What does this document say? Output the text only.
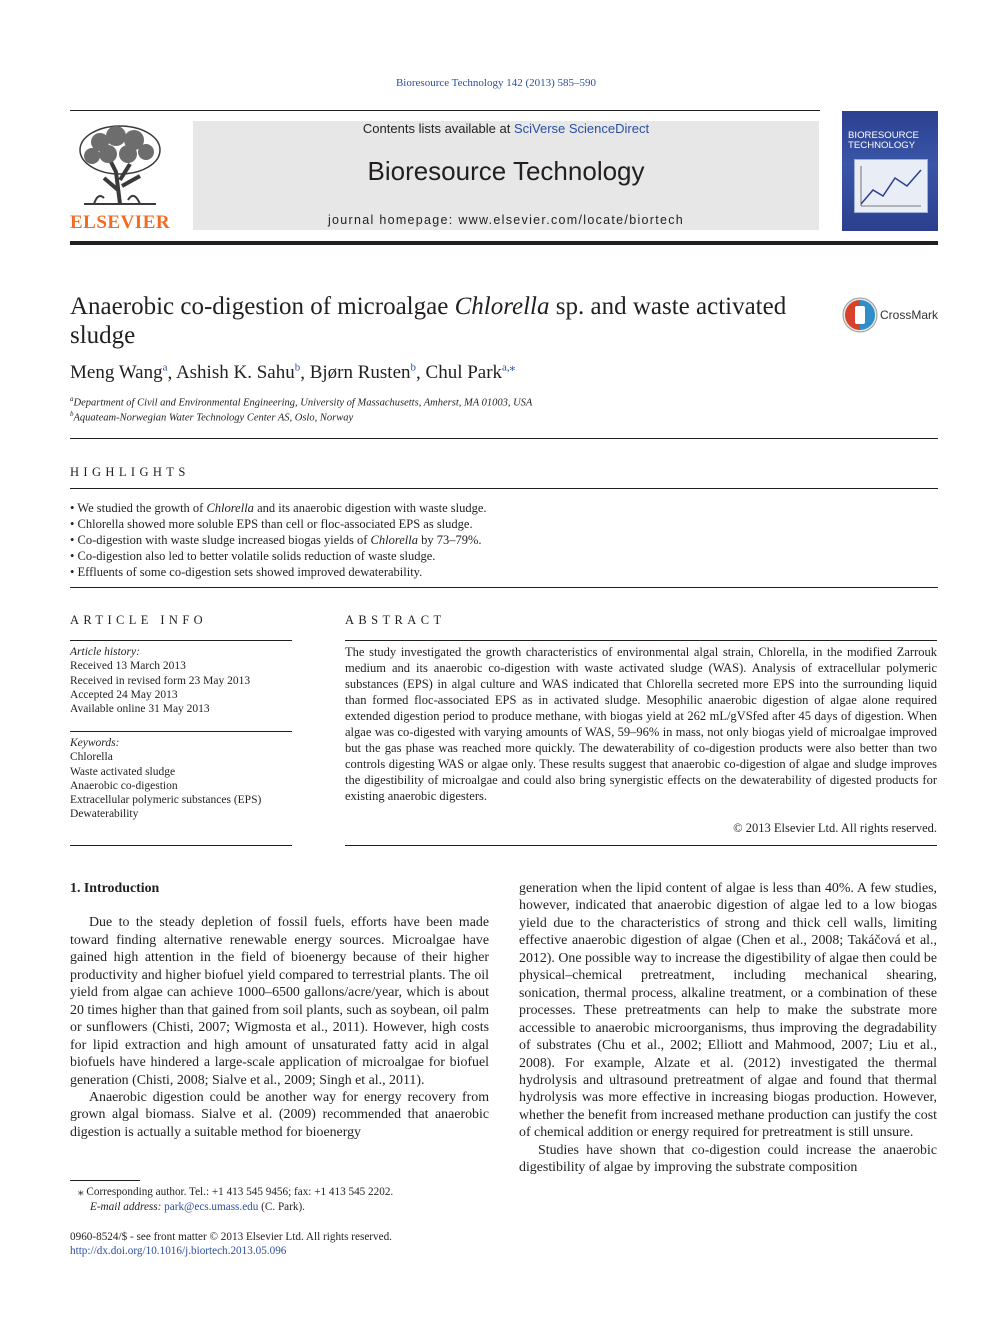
Bioresource Technology 142 (2013) 585–590
ELSEVIER
Contents lists available at SciVerse ScienceDirect
Bioresource Technology
journal homepage: www.elsevier.com/locate/biortech
BIORESOURCE TECHNOLOGY
Anaerobic co-digestion of microalgae Chlorella sp. and waste activated sludge
CrossMark
Meng Wang$^a$, Ashish K. Sahu$^b$, Bjørn Rusten$^b$, Chul Park$^{a,⁎}$
$^a$Department of Civil and Environmental Engineering, University of Massachusetts, Amherst, MA 01003, USA
$^b$Aquateam-Norwegian Water Technology Center AS, Oslo, Norway
HIGHLIGHTS
• We studied the growth of Chlorella and its anaerobic digestion with waste sludge.
• Chlorella showed more soluble EPS than cell or floc-associated EPS as sludge.
• Co-digestion with waste sludge increased biogas yields of Chlorella by 73–79%.
• Co-digestion also led to better volatile solids reduction of waste sludge.
• Effluents of some co-digestion sets showed improved dewaterability.
ARTICLE INFO
Article history:
Received 13 March 2013
Received in revised form 23 May 2013
Accepted 24 May 2013
Available online 31 May 2013
Keywords:
Chlorella
Waste activated sludge
Anaerobic co-digestion
Extracellular polymeric substances (EPS)
Dewaterability
ABSTRACT
The study investigated the growth characteristics of environmental algal strain, Chlorella, in the modified Zarrouk medium and its anaerobic co-digestion with waste activated sludge (WAS). Analysis of extracellular polymeric substances (EPS) in algal culture and WAS indicated that Chlorella secreted more EPS into the surrounding liquid than formed floc-associated EPS as in activated sludge. Mesophilic anaerobic digestion of algae alone required extended digestion period to produce methane, with biogas yield at 262 mL/gVSfed after 45 days of digestion. When algae was co-digested with varying amounts of WAS, 59–96% in mass, not only biogas yield of microalgae improved but the gas phase was reached more quickly. The dewaterability of co-digestion products were also better than two controls digesting WAS or algae only. These results suggest that anaerobic co-digestion of algae and sludge improves the digestibility of microalgae and could also bring synergistic effects on the dewaterability of digested products for existing anaerobic digesters.
© 2013 Elsevier Ltd. All rights reserved.

1. Introduction

Due to the steady depletion of fossil fuels, efforts have been made toward finding alternative renewable energy sources. Microalgae have gained high attention in the field of bioenergy because of their higher productivity and higher biofuel yield compared to terrestrial plants. The oil yield from algae can achieve 1000–6500 gallons/acre/year, which is about 20 times higher than that gained from soil plants, such as soybean, oil palm or sunflowers (Chisti, 2007; Wigmosta et al., 2011). However, high costs for lipid extraction and high amount of unsaturated fatty acid in algal biofuels have hindered a large-scale application of microalgae for biofuel generation (Chisti, 2008; Sialve et al., 2009; Singh et al., 2011).

Anaerobic digestion could be another way for energy recovery from grown algal biomass. Sialve et al. (2009) recommended that anaerobic digestion is actually a suitable method for bioenergy

generation when the lipid content of algae is less than 40%. A few studies, however, indicated that anaerobic digestion of algae led to a low biogas yield due to the characteristics of strong and thick cell walls, limiting effective anaerobic digestion of algae (Chen et al., 2008; Takáčová et al., 2012). One possible way to increase the digestibility of algae then could be physical–chemical pretreatment, including mechanical shearing, sonication, thermal process, alkaline treatment, or a combination of these processes. These pretreatments can help to make the substrate more accessible to anaerobic microorganisms, thus improving the degradability of substrates (Chu et al., 2002; Elliott and Mahmood, 2007; Liu et al., 2008). For example, Alzate et al. (2012) investigated the thermal hydrolysis and ultrasound pretreatment of algae and found that thermal hydrolysis was more effective in increasing biogas production. However, whether the benefit from increased methane production can justify the cost of chemical addition or energy required for pretreatment is still unsure.

Studies have shown that co-digestion could increase the anaerobic digestibility of algae by improving the substrate composition

⁎ Corresponding author. Tel.: +1 413 545 9456; fax: +1 413 545 2202.
E-mail address: park@ecs.umass.edu (C. Park).
0960-8524/$ - see front matter © 2013 Elsevier Ltd. All rights reserved.
http://dx.doi.org/10.1016/j.biortech.2013.05.096
